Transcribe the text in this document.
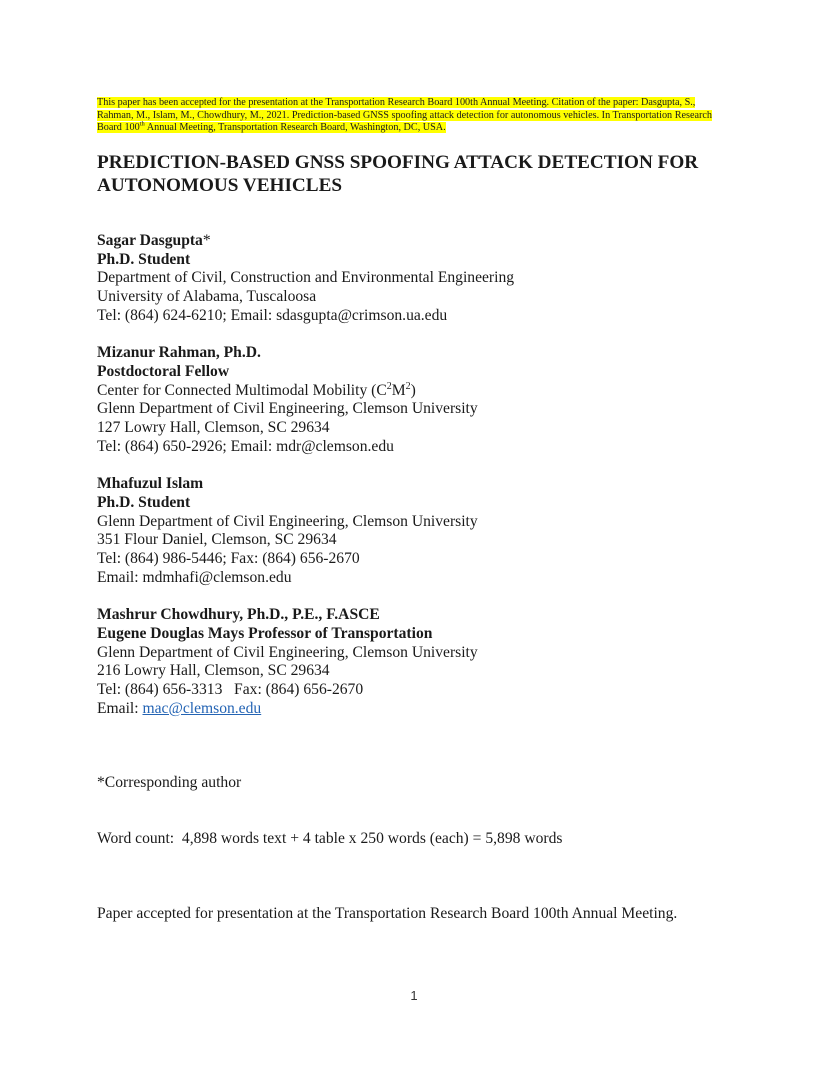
This paper has been accepted for the presentation at the Transportation Research Board 100th Annual Meeting. Citation of the paper: Dasgupta, S., Rahman, M., Islam, M., Chowdhury, M., 2021. Prediction-based GNSS spoofing attack detection for autonomous vehicles. In Transportation Research Board 100th Annual Meeting, Transportation Research Board, Washington, DC, USA.
PREDICTION-BASED GNSS SPOOFING ATTACK DETECTION FOR AUTONOMOUS VEHICLES
Sagar Dasgupta*
Ph.D. Student
Department of Civil, Construction and Environmental Engineering
University of Alabama, Tuscaloosa
Tel: (864) 624-6210; Email: sdasgupta@crimson.ua.edu
Mizanur Rahman, Ph.D.
Postdoctoral Fellow
Center for Connected Multimodal Mobility $(C^2M^2)$
Glenn Department of Civil Engineering, Clemson University
127 Lowry Hall, Clemson, SC 29634
Tel: (864) 650-2926; Email: mdr@clemson.edu
Mhafuzul Islam
Ph.D. Student
Glenn Department of Civil Engineering, Clemson University
351 Flour Daniel, Clemson, SC 29634
Tel: (864) 986-5446; Fax: (864) 656-2670
Email: mdmhafi@clemson.edu
Mashrur Chowdhury, Ph.D., P.E., F.ASCE
Eugene Douglas Mays Professor of Transportation
Glenn Department of Civil Engineering, Clemson University
216 Lowry Hall, Clemson, SC 29634
Tel: (864) 656-3313   Fax: (864) 656-2670
Email: mac@clemson.edu
*Corresponding author
Word count:  4,898 words text + 4 table x 250 words (each) = 5,898 words
Paper accepted for presentation at the Transportation Research Board 100th Annual Meeting.
1
